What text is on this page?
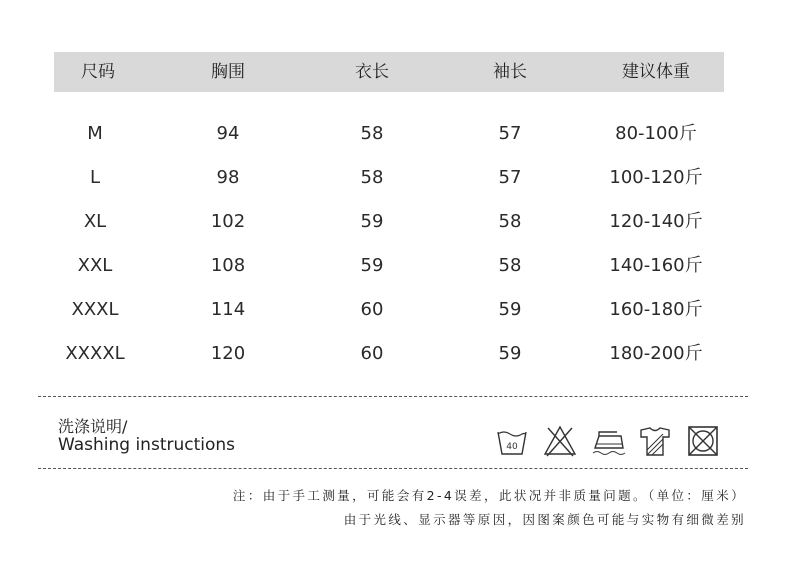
尺码	胸围	衣长	袖长	建议体重
M	94	58	57	80-100斤
L	98	58	57	100-120斤
XL	102	59	58	120-140斤
XXL	108	59	58	140-160斤
XXXL	114	60	59	160-180斤
XXXXL	120	60	59	180-200斤
洗涤说明/
Washing instructions	40
注：由于手工测量，可能会有2-4误差，此状况并非质量问题。（单位：厘米）
由于光线、显示器等原因，因图案颜色可能与实物有细微差别
